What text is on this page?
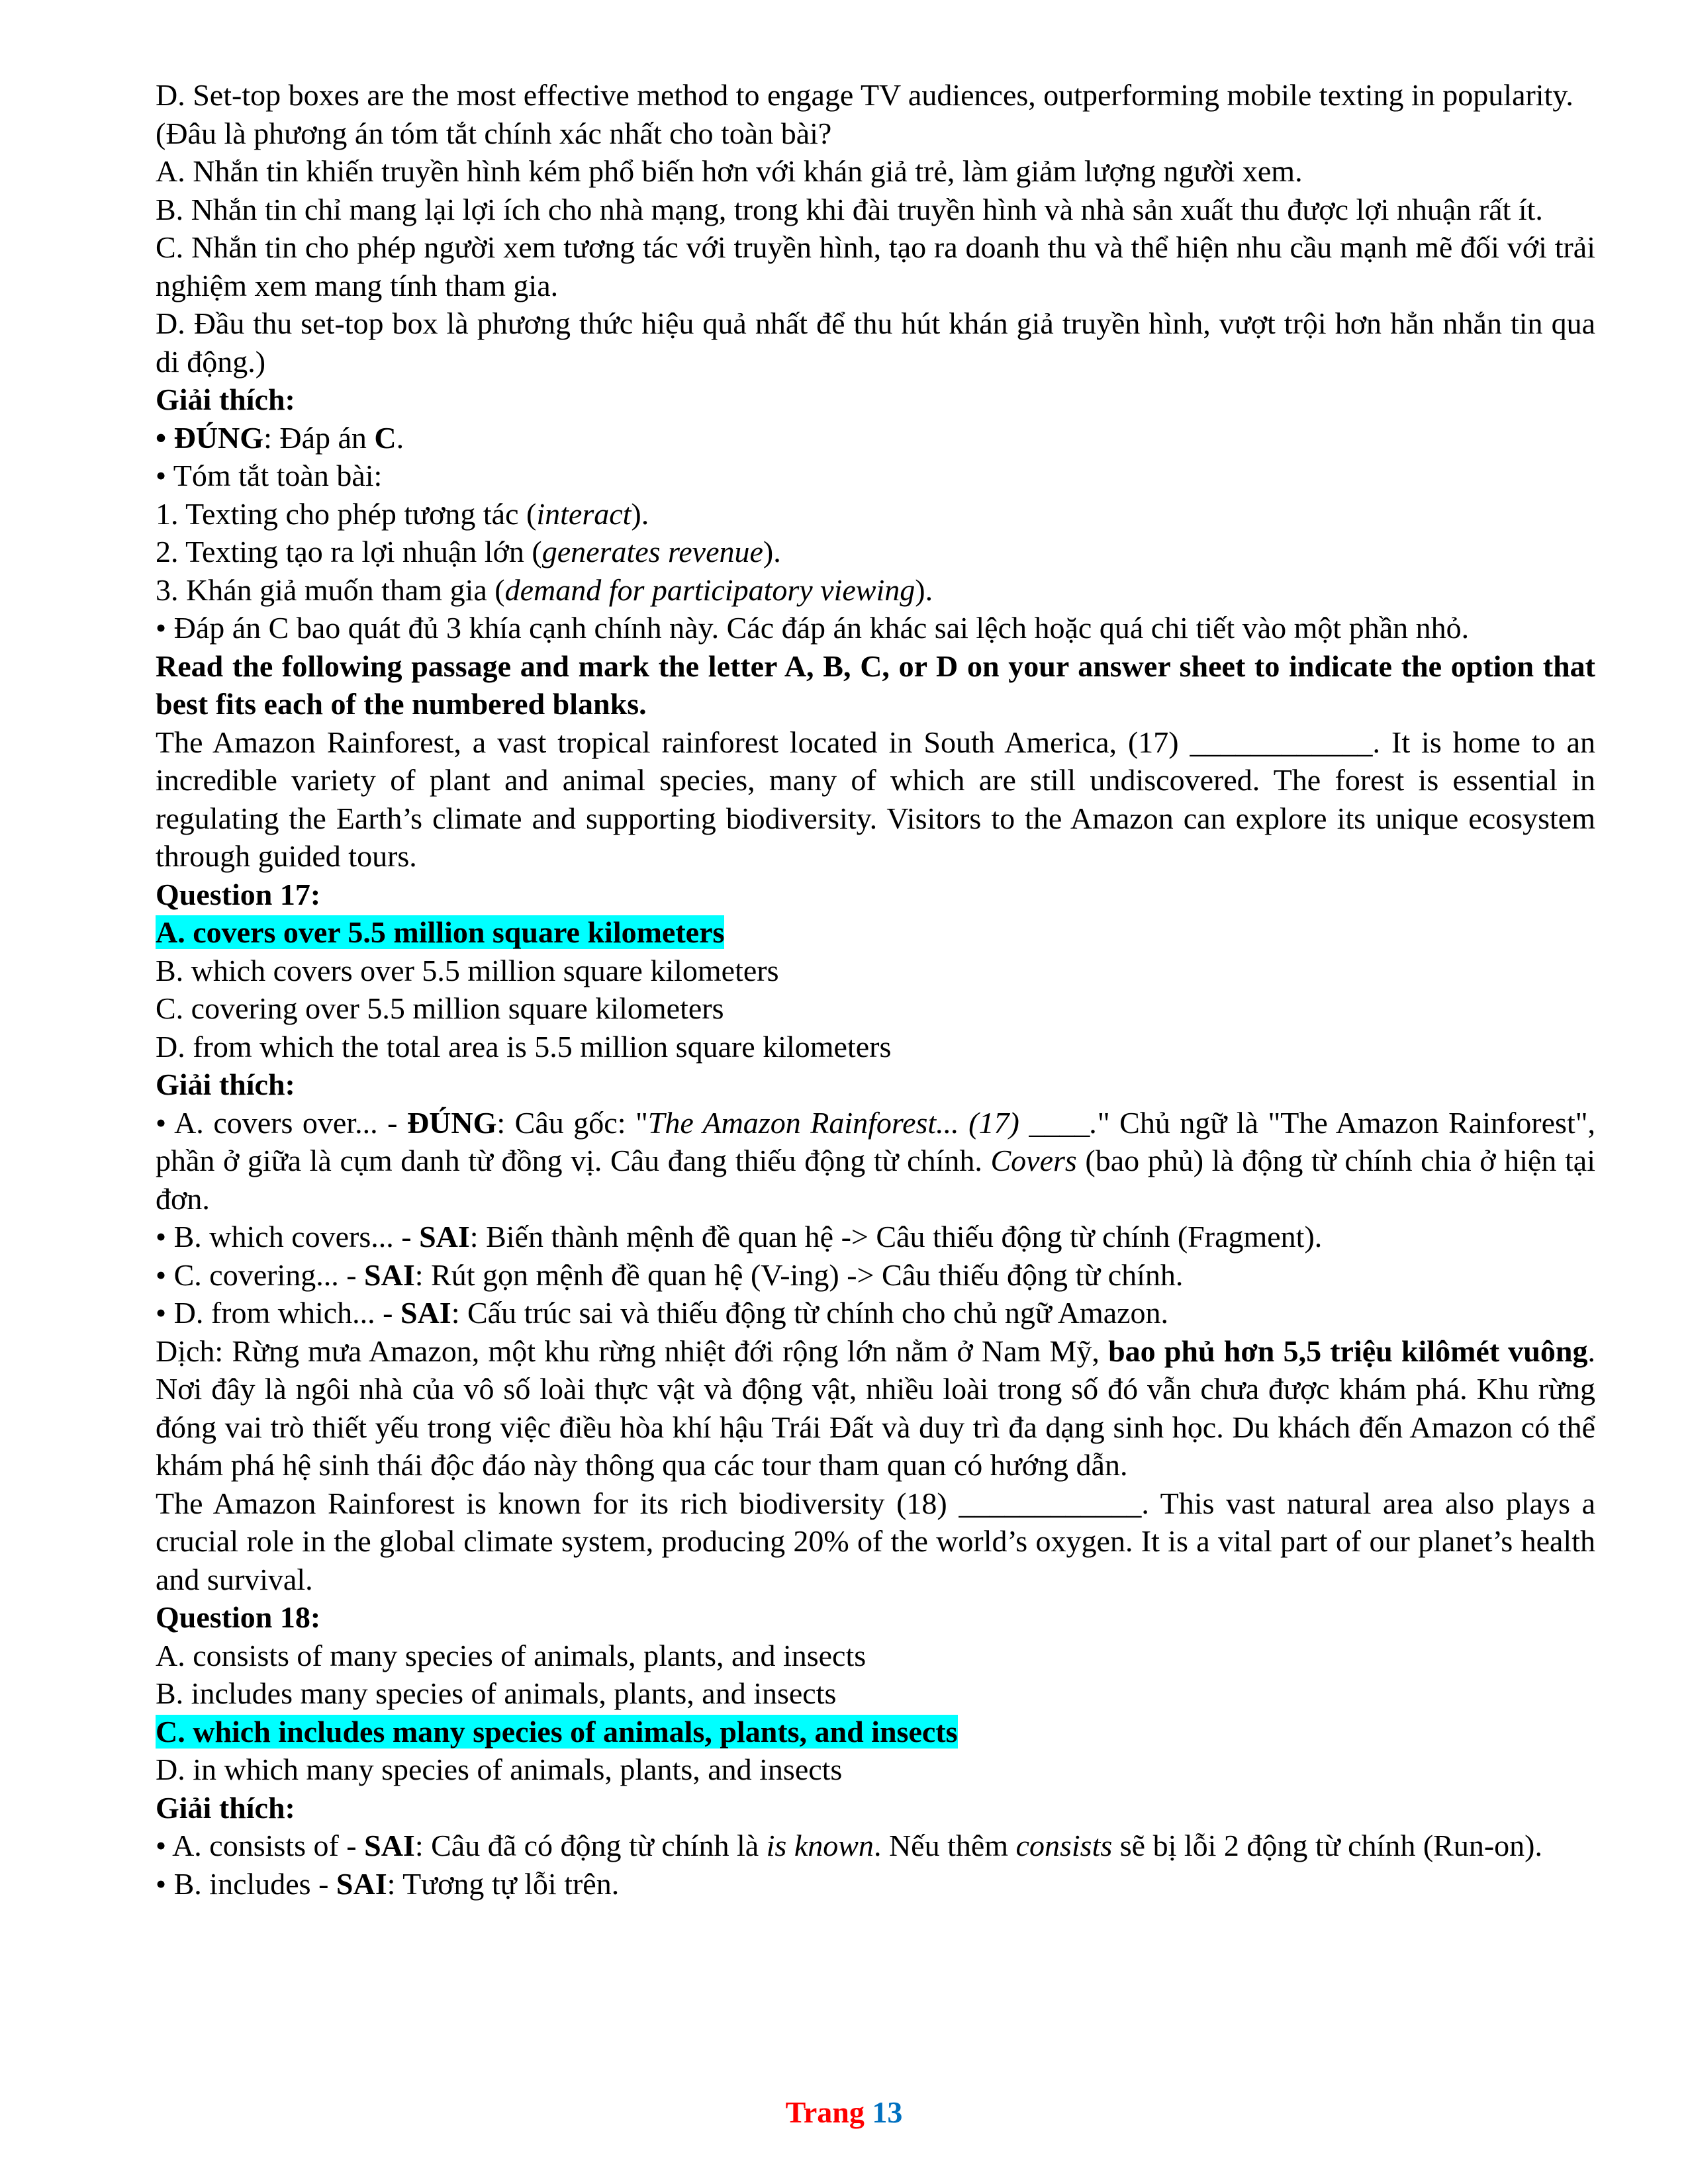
D. Set-top boxes are the most effective method to engage TV audiences, outperforming mobile texting in popularity.

(Đâu là phương án tóm tắt chính xác nhất cho toàn bài?

A. Nhắn tin khiến truyền hình kém phổ biến hơn với khán giả trẻ, làm giảm lượng người xem.

B. Nhắn tin chỉ mang lại lợi ích cho nhà mạng, trong khi đài truyền hình và nhà sản xuất thu được lợi nhuận rất ít.

C. Nhắn tin cho phép người xem tương tác với truyền hình, tạo ra doanh thu và thể hiện nhu cầu mạnh mẽ đối với trải nghiệm xem mang tính tham gia.

D. Đầu thu set-top box là phương thức hiệu quả nhất để thu hút khán giả truyền hình, vượt trội hơn hẳn nhắn tin qua di động.)

Giải thích:

• ĐÚNG: Đáp án C.

• Tóm tắt toàn bài:

1. Texting cho phép tương tác (interact).

2. Texting tạo ra lợi nhuận lớn (generates revenue).

3. Khán giả muốn tham gia (demand for participatory viewing).

• Đáp án C bao quát đủ 3 khía cạnh chính này. Các đáp án khác sai lệch hoặc quá chi tiết vào một phần nhỏ.

Read the following passage and mark the letter A, B, C, or D on your answer sheet to indicate the option that best fits each of the numbered blanks.

The Amazon Rainforest, a vast tropical rainforest located in South America, (17) ____________. It is home to an incredible variety of plant and animal species, many of which are still undiscovered. The forest is essential in regulating the Earth’s climate and supporting biodiversity. Visitors to the Amazon can explore its unique ecosystem through guided tours.

Question 17:

A. covers over 5.5 million square kilometers

B. which covers over 5.5 million square kilometers

C. covering over 5.5 million square kilometers

D. from which the total area is 5.5 million square kilometers

Giải thích:

• A. covers over... - ĐÚNG: Câu gốc: "The Amazon Rainforest... (17) ____." Chủ ngữ là "The Amazon Rainforest", phần ở giữa là cụm danh từ đồng vị. Câu đang thiếu động từ chính. Covers (bao phủ) là động từ chính chia ở hiện tại đơn.

• B. which covers... - SAI: Biến thành mệnh đề quan hệ -> Câu thiếu động từ chính (Fragment).

• C. covering... - SAI: Rút gọn mệnh đề quan hệ (V-ing) -> Câu thiếu động từ chính.

• D. from which... - SAI: Cấu trúc sai và thiếu động từ chính cho chủ ngữ Amazon.

Dịch: Rừng mưa Amazon, một khu rừng nhiệt đới rộng lớn nằm ở Nam Mỹ, bao phủ hơn 5,5 triệu kilômét vuông. Nơi đây là ngôi nhà của vô số loài thực vật và động vật, nhiều loài trong số đó vẫn chưa được khám phá. Khu rừng đóng vai trò thiết yếu trong việc điều hòa khí hậu Trái Đất và duy trì đa dạng sinh học. Du khách đến Amazon có thể khám phá hệ sinh thái độc đáo này thông qua các tour tham quan có hướng dẫn.

The Amazon Rainforest is known for its rich biodiversity (18) ____________. This vast natural area also plays a crucial role in the global climate system, producing 20% of the world’s oxygen. It is a vital part of our planet’s health and survival.

Question 18:

A. consists of many species of animals, plants, and insects

B. includes many species of animals, plants, and insects

C. which includes many species of animals, plants, and insects

D. in which many species of animals, plants, and insects

Giải thích:

• A. consists of - SAI: Câu đã có động từ chính là is known. Nếu thêm consists sẽ bị lỗi 2 động từ chính (Run-on).

• B. includes - SAI: Tương tự lỗi trên.

Trang 13
